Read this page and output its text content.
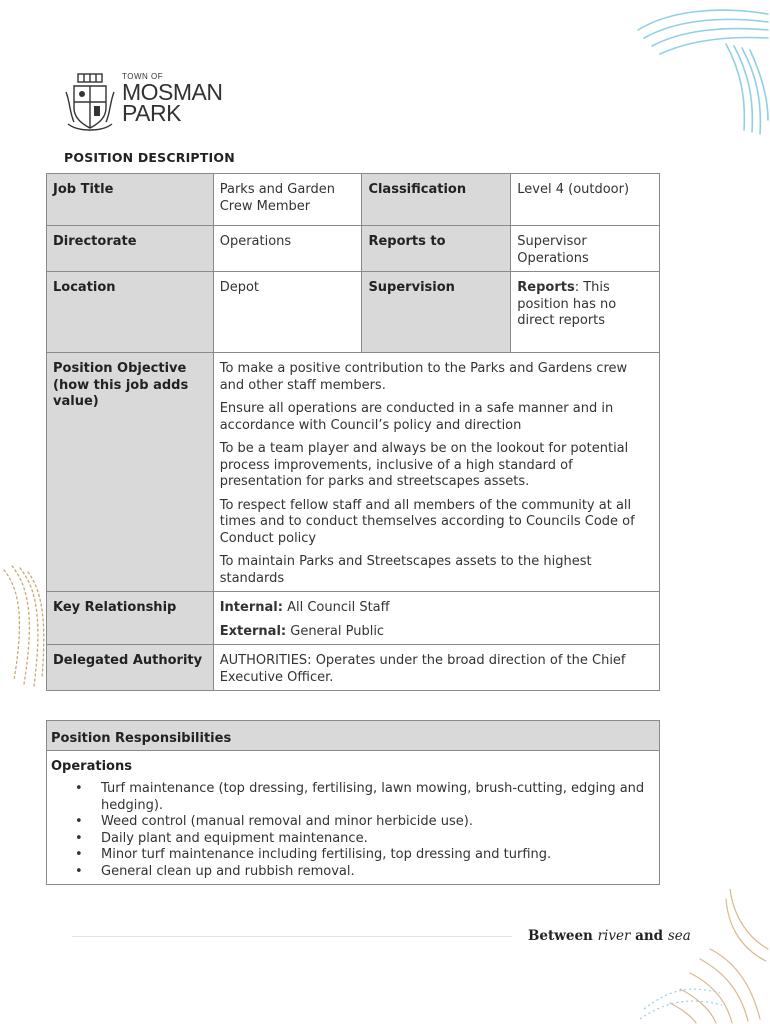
TOWN OF
MOSMAN
PARK
POSITION DESCRIPTION
Job Title	Parks and Garden Crew Member	Classification	Level 4 (outdoor)
Directorate	Operations	Reports to	Supervisor Operations
Location	Depot	Supervision	Reports: This position has no direct reports
Position Objective (how this job adds value)	To make a positive contribution to the Parks and Gardens crew and other staff members.
Ensure all operations are conducted in a safe manner and in accordance with Council’s policy and direction
To be a team player and always be on the lookout for potential process improvements, inclusive of a high standard of presentation for parks and streetscapes assets.
To respect fellow staff and all members of the community at all times and to conduct themselves according to Councils Code of Conduct policy
To maintain Parks and Streetscapes assets to the highest standards		

Key Relationship	Internal: All Council Staff
External: General Public		

Delegated Authority	AUTHORITIES: Operates under the broad direction of the Chief Executive Officer.		
Position Responsibilities
Operations
• Turf maintenance (top dressing, fertilising, lawn mowing, brush-cutting, edging and hedging).
• Weed control (manual removal and minor herbicide use).
• Daily plant and equipment maintenance.
• Minor turf maintenance including fertilising, top dressing and turfing.
• General clean up and rubbish removal.
Between river and sea
